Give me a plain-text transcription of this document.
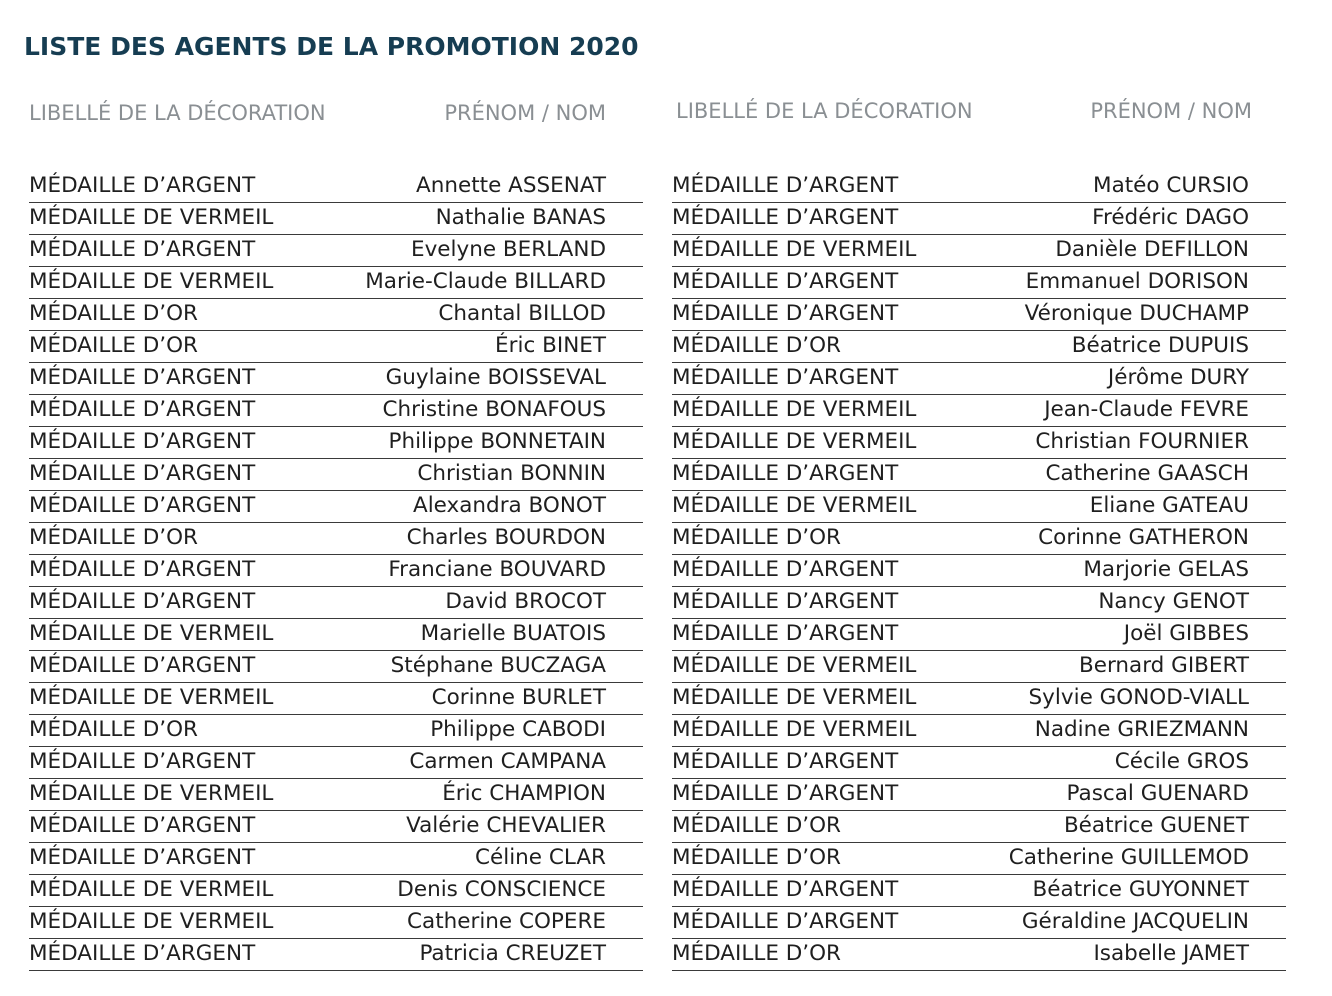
LISTE DES AGENTS DE LA PROMOTION 2020
LIBELLÉ DE LA DÉCORATION	PRÉNOM / NOM
MÉDAILLE D’ARGENT	Annette ASSENAT
MÉDAILLE DE VERMEIL	Nathalie BANAS
MÉDAILLE D’ARGENT	Evelyne BERLAND
MÉDAILLE DE VERMEIL	Marie-Claude BILLARD
MÉDAILLE D’OR	Chantal BILLOD
MÉDAILLE D’OR	Éric BINET
MÉDAILLE D’ARGENT	Guylaine BOISSEVAL
MÉDAILLE D’ARGENT	Christine BONAFOUS
MÉDAILLE D’ARGENT	Philippe BONNETAIN
MÉDAILLE D’ARGENT	Christian BONNIN
MÉDAILLE D’ARGENT	Alexandra BONOT
MÉDAILLE D’OR	Charles BOURDON
MÉDAILLE D’ARGENT	Franciane BOUVARD
MÉDAILLE D’ARGENT	David BROCOT
MÉDAILLE DE VERMEIL	Marielle BUATOIS
MÉDAILLE D’ARGENT	Stéphane BUCZAGA
MÉDAILLE DE VERMEIL	Corinne BURLET
MÉDAILLE D’OR	Philippe CABODI
MÉDAILLE D’ARGENT	Carmen CAMPANA
MÉDAILLE DE VERMEIL	Éric CHAMPION
MÉDAILLE D’ARGENT	Valérie CHEVALIER
MÉDAILLE D’ARGENT	Céline CLAR
MÉDAILLE DE VERMEIL	Denis CONSCIENCE
MÉDAILLE DE VERMEIL	Catherine COPERE
MÉDAILLE D’ARGENT	Patricia CREUZET
LIBELLÉ DE LA DÉCORATION	PRÉNOM / NOM
MÉDAILLE D’ARGENT	Matéo CURSIO
MÉDAILLE D’ARGENT	Frédéric DAGO
MÉDAILLE DE VERMEIL	Danièle DEFILLON
MÉDAILLE D’ARGENT	Emmanuel DORISON
MÉDAILLE D’ARGENT	Véronique DUCHAMP
MÉDAILLE D’OR	Béatrice DUPUIS
MÉDAILLE D’ARGENT	Jérôme DURY
MÉDAILLE DE VERMEIL	Jean-Claude FEVRE
MÉDAILLE DE VERMEIL	Christian FOURNIER
MÉDAILLE D’ARGENT	Catherine GAASCH
MÉDAILLE DE VERMEIL	Eliane GATEAU
MÉDAILLE D’OR	Corinne GATHERON
MÉDAILLE D’ARGENT	Marjorie GELAS
MÉDAILLE D’ARGENT	Nancy GENOT
MÉDAILLE D’ARGENT	Joël GIBBES
MÉDAILLE DE VERMEIL	Bernard GIBERT
MÉDAILLE DE VERMEIL	Sylvie GONOD-VIALL
MÉDAILLE DE VERMEIL	Nadine GRIEZMANN
MÉDAILLE D’ARGENT	Cécile GROS
MÉDAILLE D’ARGENT	Pascal GUENARD
MÉDAILLE D’OR	Béatrice GUENET
MÉDAILLE D’OR	Catherine GUILLEMOD
MÉDAILLE D’ARGENT	Béatrice GUYONNET
MÉDAILLE D’ARGENT	Géraldine JACQUELIN
MÉDAILLE D’OR	Isabelle JAMET
